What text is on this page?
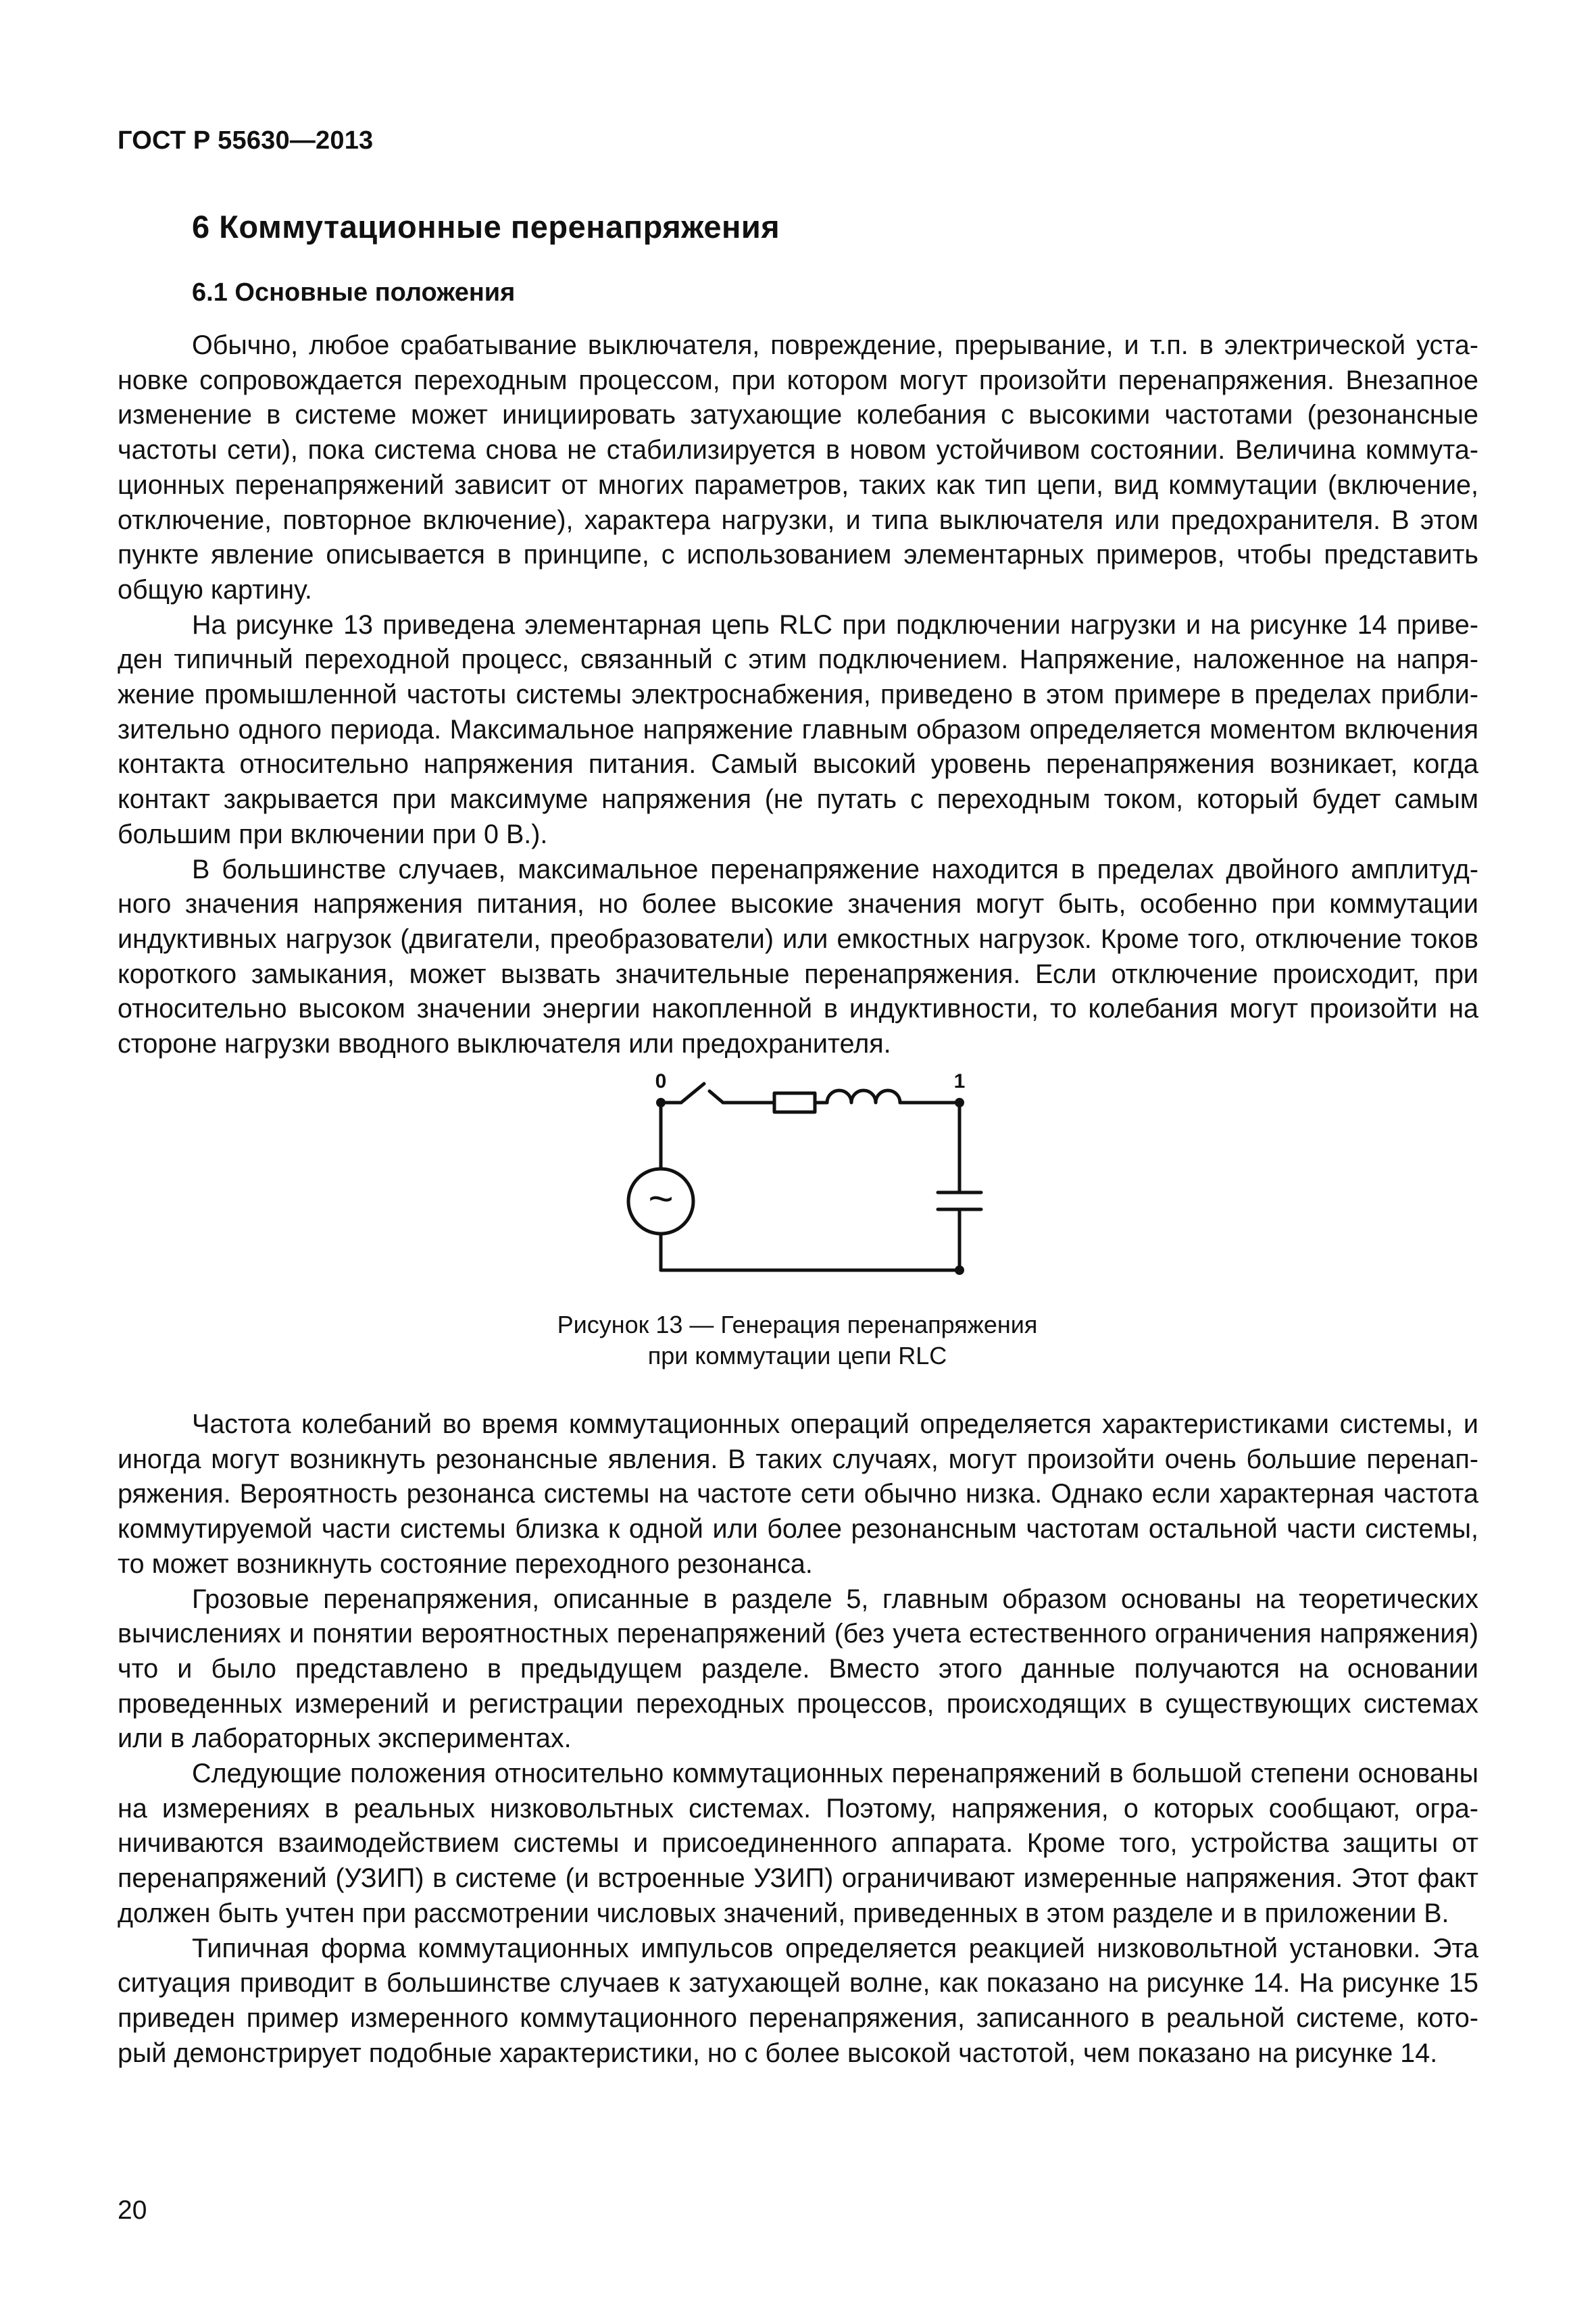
ГОСТ Р 55630—2013
6 Коммутационные перенапряжения
6.1 Основные положения

Обычно, любое срабатывание выключателя, повреждение, прерывание, и т.п. в электрической установке сопровождается переходным процессом, при котором могут произойти перенапряжения. Внезапное изменение в системе может инициировать затухающие колебания с высокими частотами (резонансные частоты сети), пока система снова не стабилизируется в новом устойчивом состоянии. Величина коммутационных перенапряжений зависит от многих параметров, таких как тип цепи, вид коммутации (включение, отключение, повторное включение), характера нагрузки, и типа выключателя или предохранителя. В этом пункте явление описывается в принципе, с использованием элементарных примеров, чтобы представить общую картину.

На рисунке 13 приведена элементарная цепь RLC при подключении нагрузки и на рисунке 14 приведен типичный переходной процесс, связанный с этим подключением. Напряжение, наложенное на напряжение промышленной частоты системы электроснабжения, приведено в этом примере в пределах приблизительно одного периода. Максимальное напряжение главным образом определяется моментом включения контакта относительно напряжения питания. Самый высокий уровень перенапряжения возникает, когда контакт закрывается при максимуме напряжения (не путать с переходным током, который будет самым большим при включении при 0 В.).

В большинстве случаев, максимальное перенапряжение находится в пределах двойного амплитудного значения напряжения питания, но более высокие значения могут быть, особенно при коммутации индуктивных нагрузок (двигатели, преобразователи) или емкостных нагрузок. Кроме того, отключение токов короткого замыкания, может вызвать значительные перенапряжения. Если отключение происходит, при относительно высоком значении энергии накопленной в индуктивности, то колебания могут произойти на стороне нагрузки вводного выключателя или предохранителя.

0	1
~
Рисунок 13 — Генерация перенапряжения
при коммутации цепи RLC

Частота колебаний во время коммутационных операций определяется характеристиками системы, и иногда могут возникнуть резонансные явления. В таких случаях, могут произойти очень большие перенапряжения. Вероятность резонанса системы на частоте сети обычно низка. Однако если характерная частота коммутируемой части системы близка к одной или более резонансным частотам остальной части системы, то может возникнуть состояние переходного резонанса.

Грозовые перенапряжения, описанные в разделе 5, главным образом основаны на теоретических вычислениях и понятии вероятностных перенапряжений (без учета естественного ограничения напряжения) что и было представлено в предыдущем разделе. Вместо этого данные получаются на основании проведенных измерений и регистрации переходных процессов, происходящих в существующих системах или в лабораторных экспериментах.

Следующие положения относительно коммутационных перенапряжений в большой степени основаны на измерениях в реальных низковольтных системах. Поэтому, напряжения, о которых сообщают, ограничиваются взаимодействием системы и присоединенного аппарата. Кроме того, устройства защиты от перенапряжений (УЗИП) в системе (и встроенные УЗИП) ограничивают измеренные напряжения. Этот факт должен быть учтен при рассмотрении числовых значений, приведенных в этом разделе и в приложении В.

Типичная форма коммутационных импульсов определяется реакцией низковольтной установки. Эта ситуация приводит в большинстве случаев к затухающей волне, как показано на рисунке 14. На рисунке 15 приведен пример измеренного коммутационного перенапряжения, записанного в реальной системе, который демонстрирует подобные характеристики, но с более высокой частотой, чем показано на рисунке 14.

20
